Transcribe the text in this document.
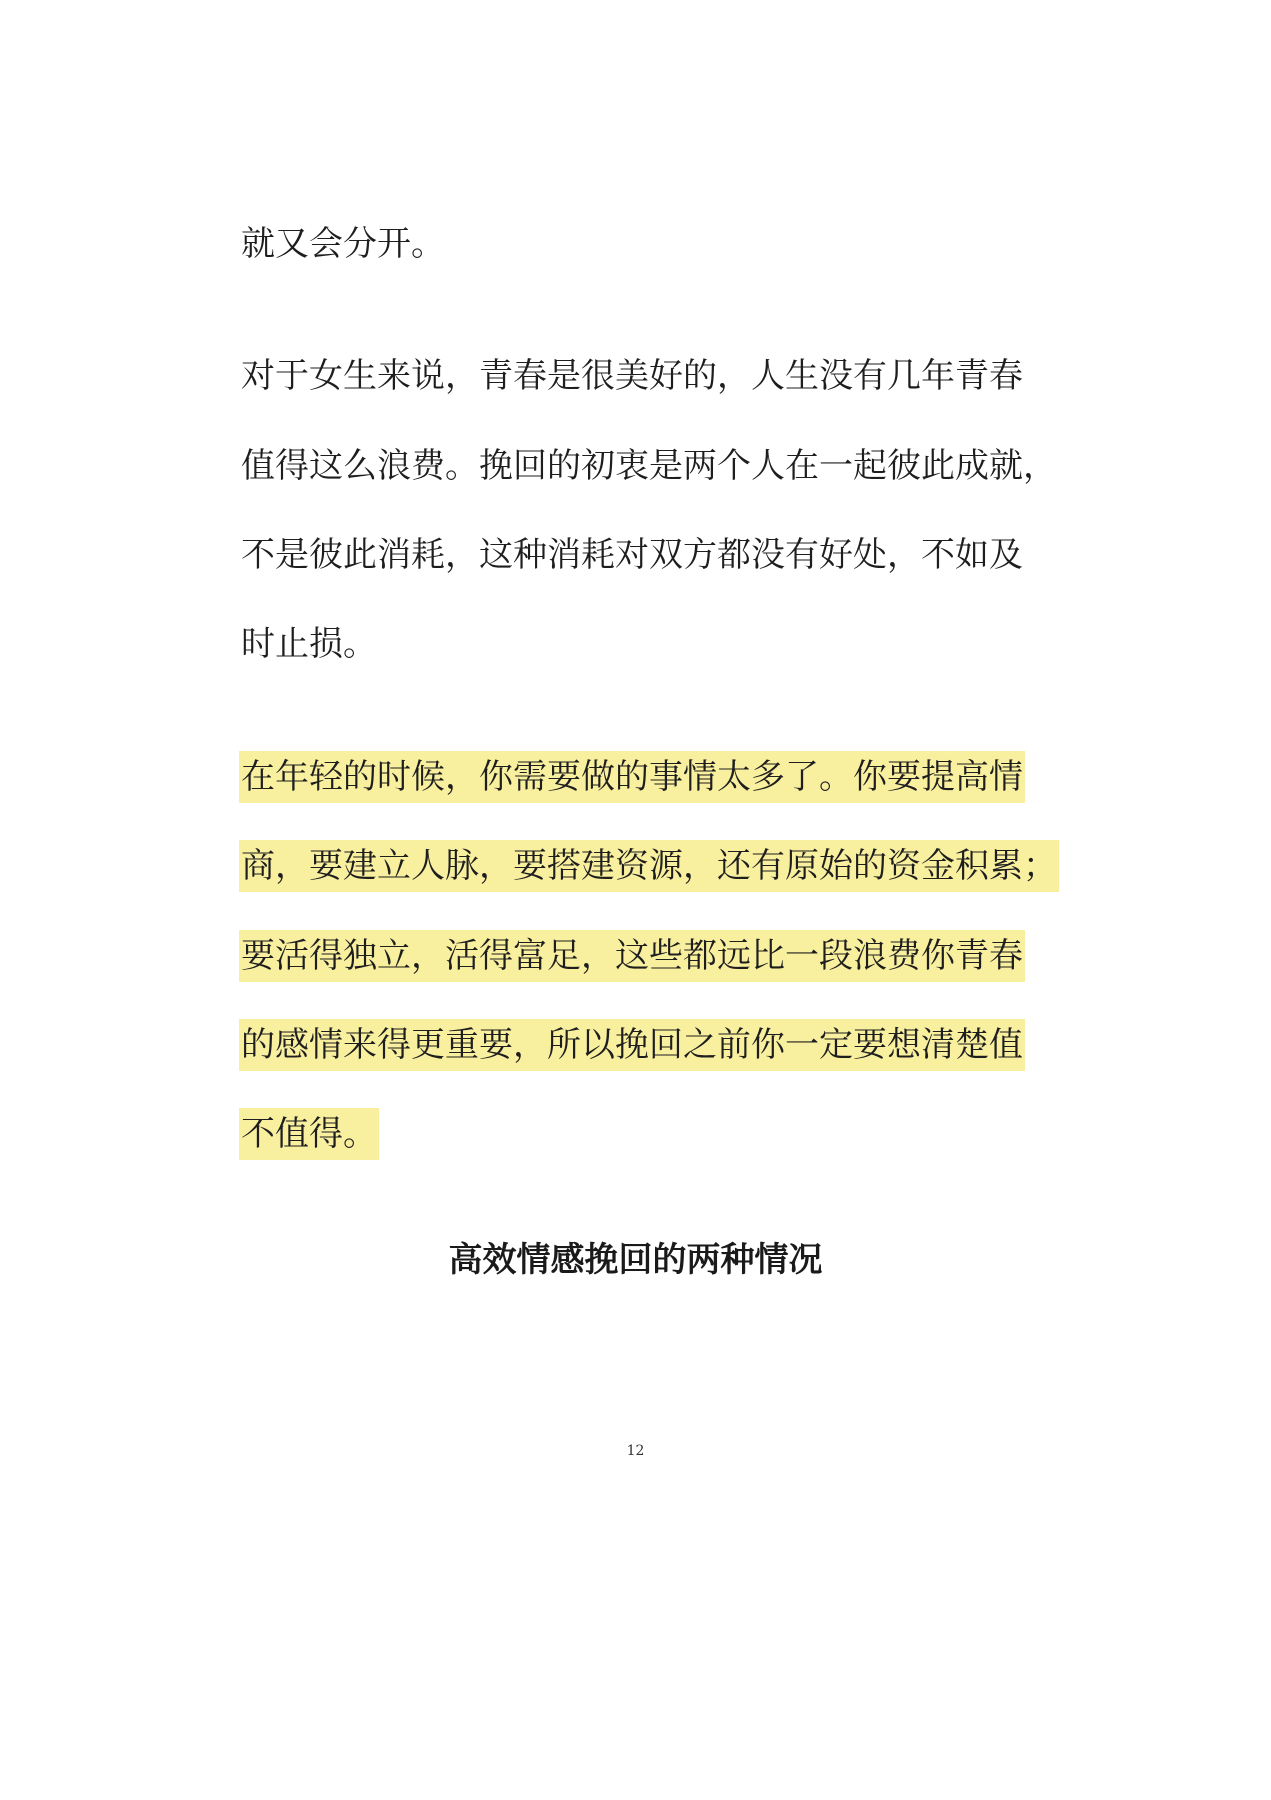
就又会分开。
对于女生来说，青春是很美好的，人生没有几年青春
值得这么浪费。挽回的初衷是两个人在一起彼此成就，
不是彼此消耗，这种消耗对双方都没有好处，不如及
时止损。
在年轻的时候，你需要做的事情太多了。你要提高情
商，要建立人脉，要搭建资源，还有原始的资金积累；
要活得独立，活得富足，这些都远比一段浪费你青春
的感情来得更重要，所以挽回之前你一定要想清楚值
不值得。
高效情感挽回的两种情况
12
